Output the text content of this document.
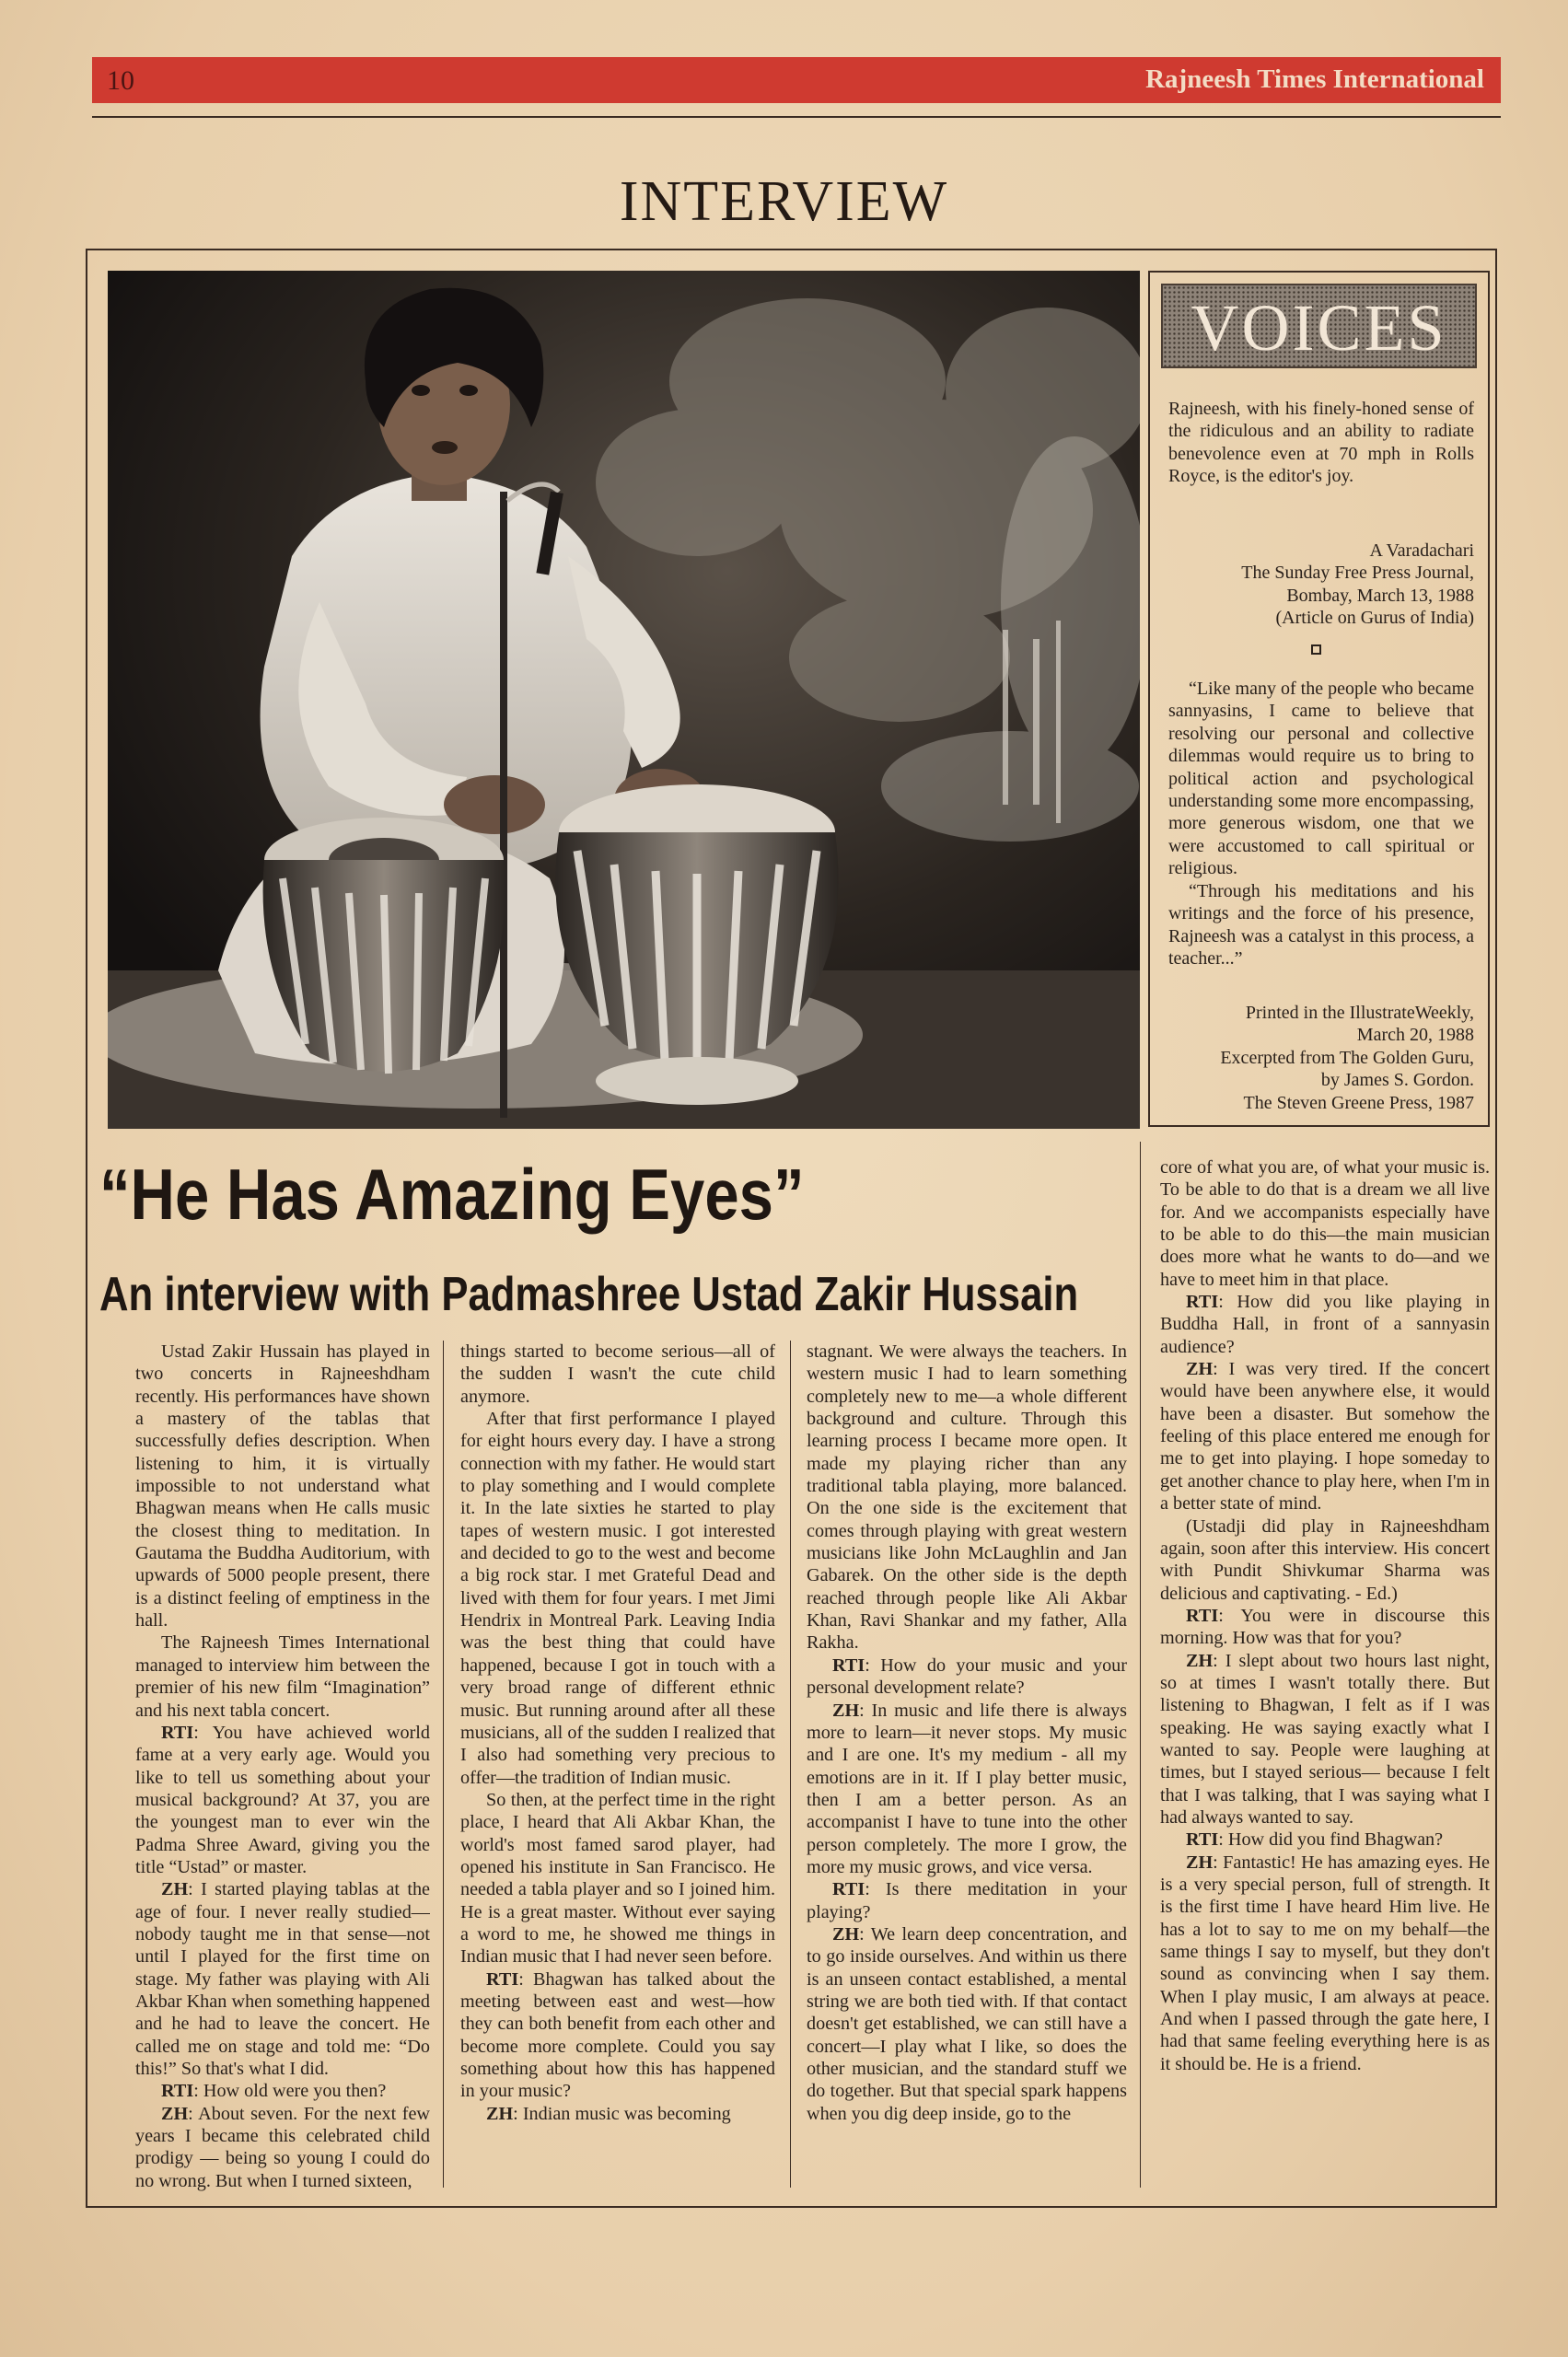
10	Rajneesh Times International
INTERVIEW
VOICES
Rajneesh, with his finely-honed sense of the ridiculous and an ability to radiate benevolence even at 70 mph in Rolls Royce, is the editor's joy.
A Varadachari
The Sunday Free Press Journal,
Bombay, March 13, 1988
(Article on Gurus of India)
“Like many of the people who became sannyasins, I came to believe that resolving our personal and collective dilemmas would require us to bring to political action and psychological understanding some more encompassing, more generous wisdom, one that we were accustomed to call spiritual or religious.
“Through his meditations and his writings and the force of his presence, Rajneesh was a catalyst in this process, a teacher...”
Printed in the IllustrateWeekly,
March 20, 1988
Excerpted from The Golden Guru,
by James S. Gordon.
The Steven Greene Press, 1987
“He Has Amazing Eyes”
An interview with Padmashree Ustad Zakir Hussain

Ustad Zakir Hussain has played in two concerts in Rajneeshdham recently. His performances have shown a mastery of the tablas that successfully defies description. When listening to him, it is virtually impossible to not understand what Bhagwan means when He calls music the closest thing to meditation. In Gautama the Buddha Auditorium, with upwards of 5000 people present, there is a distinct feeling of emptiness in the hall.

The Rajneesh Times International managed to interview him between the premier of his new film “Imagination” and his next tabla concert.

RTI: You have achieved world fame at a very early age. Would you like to tell us something about your musical background? At 37, you are the youngest man to ever win the Padma Shree Award, giving you the title “Ustad” or master.

ZH: I started playing tablas at the age of four. I never really studied—nobody taught me in that sense—not until I played for the first time on stage. My father was playing with Ali Akbar Khan when something happened and he had to leave the concert. He called me on stage and told me: “Do this!” So that's what I did.

RTI: How old were you then?

ZH: About seven. For the next few years I became this celebrated child prodigy — being so young I could do no wrong. But when I turned sixteen,

things started to become serious—all of the sudden I wasn't the cute child anymore.

After that first performance I played for eight hours every day. I have a strong connection with my father. He would start to play something and I would complete it. In the late sixties he started to play tapes of western music. I got interested and decided to go to the west and become a big rock star. I met Grateful Dead and lived with them for four years. I met Jimi Hendrix in Montreal Park. Leaving India was the best thing that could have happened, because I got in touch with a very broad range of different ethnic music. But running around after all these musicians, all of the sudden I realized that I also had something very precious to offer—the tradition of Indian music.

So then, at the perfect time in the right place, I heard that Ali Akbar Khan, the world's most famed sarod player, had opened his institute in San Francisco. He needed a tabla player and so I joined him. He is a great master. Without ever saying a word to me, he showed me things in Indian music that I had never seen before.

RTI: Bhagwan has talked about the meeting between east and west—how they can both benefit from each other and become more complete. Could you say something about how this has happened in your music?

ZH: Indian music was becoming

stagnant. We were always the teachers. In western music I had to learn something completely new to me—a whole different background and culture. Through this learning process I became more open. It made my playing richer than any traditional tabla playing, more balanced. On the one side is the excitement that comes through playing with great western musicians like John McLaughlin and Jan Gabarek. On the other side is the depth reached through people like Ali Akbar Khan, Ravi Shankar and my father, Alla Rakha.

RTI: How do your music and your personal development relate?

ZH: In music and life there is always more to learn—it never stops. My music and I are one. It's my medium - all my emotions are in it. If I play better music, then I am a better person. As an accompanist I have to tune into the other person completely. The more I grow, the more my music grows, and vice versa.

RTI: Is there meditation in your playing?

ZH: We learn deep concentration, and to go inside ourselves. And within us there is an unseen contact established, a mental string we are both tied with. If that contact doesn't get established, we can still have a concert—I play what I like, so does the other musician, and the standard stuff we do together. But that special spark happens when you dig deep inside, go to the

core of what you are, of what your music is. To be able to do that is a dream we all live for. And we accompanists especially have to be able to do this—the main musician does more what he wants to do—and we have to meet him in that place.

RTI: How did you like playing in Buddha Hall, in front of a sannyasin audience?

ZH: I was very tired. If the concert would have been anywhere else, it would have been a disaster. But somehow the feeling of this place entered me enough for me to get into playing. I hope someday to get another chance to play here, when I'm in a better state of mind.

(Ustadji did play in Rajneeshdham again, soon after this interview. His concert with Pundit Shivkumar Sharma was delicious and captivating. - Ed.)

RTI: You were in discourse this morning. How was that for you?

ZH: I slept about two hours last night, so at times I wasn't totally there. But listening to Bhagwan, I felt as if I was speaking. He was saying exactly what I wanted to say. People were laughing at times, but I stayed serious— because I felt that I was talking, that I was saying what I had always wanted to say.

RTI: How did you find Bhagwan?

ZH: Fantastic! He has amazing eyes. He is a very special person, full of strength. It is the first time I have heard Him live. He has a lot to say to me on my behalf—the same things I say to myself, but they don't sound as convincing when I say them. When I play music, I am always at peace. And when I passed through the gate here, I had that same feeling everything here is as it should be. He is a friend.
